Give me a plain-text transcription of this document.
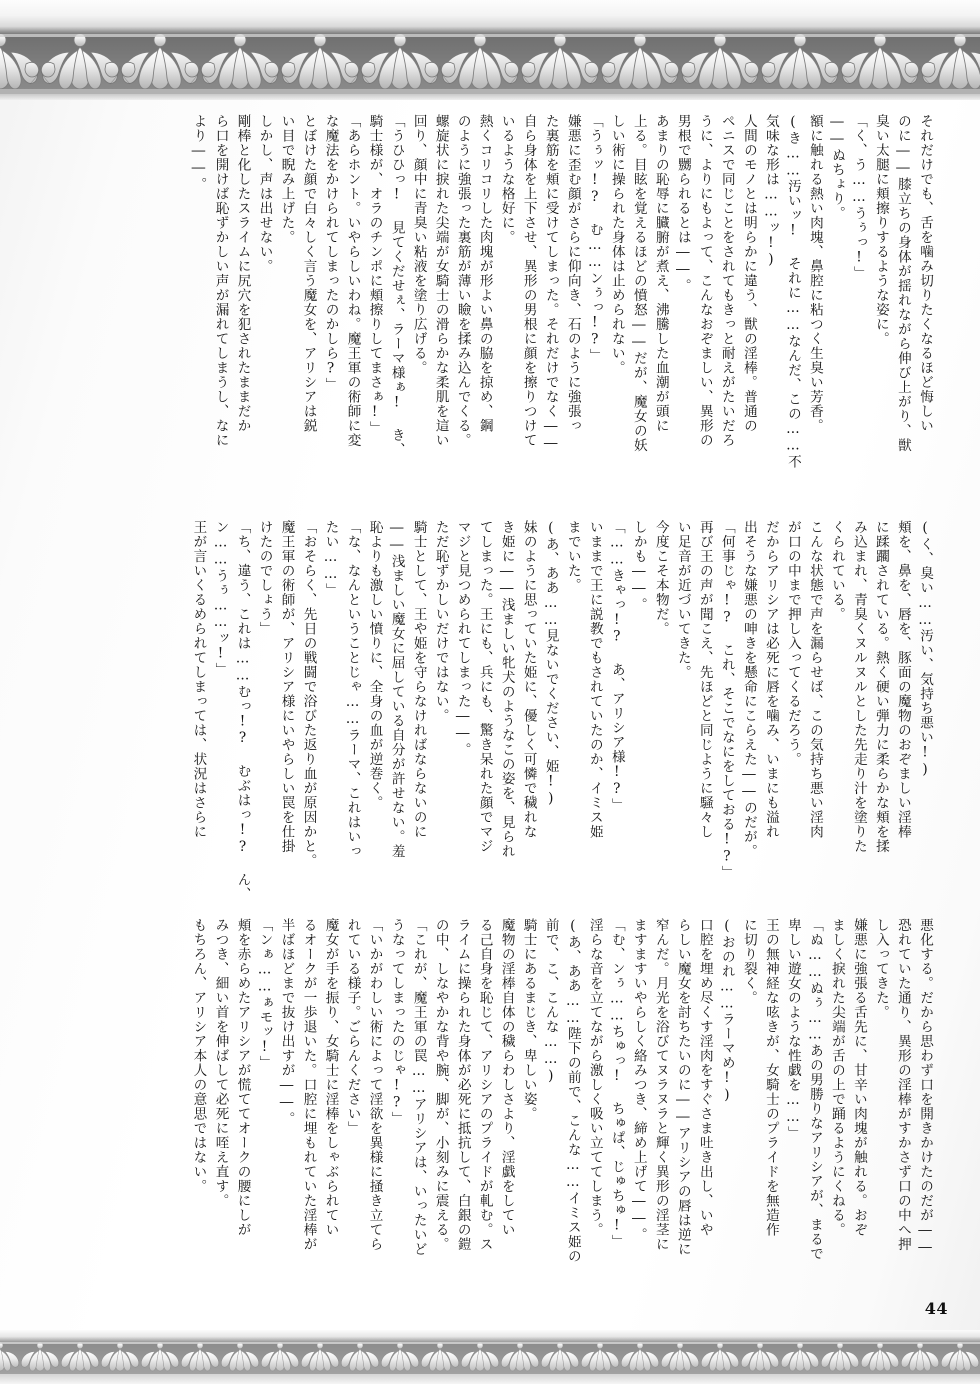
それだけでも、舌を噛み切りたくなるほど悔しい
のに――膝立ちの身体が揺れながら伸び上がり、獣
臭い太腿に頬擦りするような姿に。
「く、う……うぅっ!」
――ぬちょり。
額に触れる熱い肉塊、鼻腔に粘つく生臭い芳香。
(き……汚いッ! それに……なんだ、この……不
気味な形は……ッ!)
人間のモノとは明らかに違う、獣の淫棒。普通の
ペニスで同じことをされてもきっと耐えがたいだろ
うに、よりにもよって、こんなおぞましい、異形の
男根で嬲られるとは――。
あまりの恥辱に臓腑が煮え、沸騰した血潮が頭に
上る。目眩を覚えるほどの憤怒――だが、魔女の妖
しい術に操られた身体は止められない。
「うぅッ!? む……ンぅっ!?」
嫌悪に歪む顔がさらに仰向き、石のように強張っ
た裏筋を頬に受けてしまった。それだけでなく――
自ら身体を上下させ、異形の男根に顔を擦りつけて
いるような格好に。
熱くコリコリした肉塊が形よい鼻の脇を掠め、鋼
のように強張った裏筋が薄い瞼を揉み込んでくる。
螺旋状に捩れた尖端が女騎士の滑らかな柔肌を這い
回り、顔中に青臭い粘液を塗り広げる。
「うひひっ! 見てくだせぇ、ラーマ様ぁ! き、
騎士様が、オラのチンポに頬擦りしてまさぁ!」
「あらホント。いやらしいわね。魔王軍の術師に変
な魔法をかけられてしまったのかしら?」
とぼけた顔で白々しく言う魔女を、アリシアは鋭
い目で睨み上げた。
しかし、声は出せない。
剛棒と化したスライムに尻穴を犯されたままだか
ら口を開けば恥ずかしい声が漏れてしまうし、なに
より――。
(く、臭い……汚い、気持ち悪い!)
頬を、鼻を、唇を、豚面の魔物のおぞましい淫棒
に蹂躙されている。熱く硬い弾力に柔らかな頬を揉
み込まれ、青臭くヌルヌルとした先走り汁を塗りた
くられている。
こんな状態で声を漏らせば、この気持ち悪い淫肉
が口の中まで押し入ってくるだろう。
だからアリシアは必死に唇を噛み、いまにも溢れ
出そうな嫌悪の呻きを懸命にこらえた――のだが。
「何事じゃ!? これ、そこでなにをしておる!?」
再び王の声が聞こえ、先ほどと同じように騒々し
い足音が近づいてきた。
今度こそ本物だ。
しかも――。
「……きゃっ!? あ、アリシア様!?」
いままで王に説教でもされていたのか、イミス姫
までいた。
(あ、ああ……見ないでください、姫!)
妹のように思っていた姫に、優しく可憐で穢れな
き姫に――浅ましい牝犬のようなこの姿を、見られ
てしまった。王にも、兵にも、驚き呆れた顔でマジ
マジと見つめられてしまった――。
ただ恥ずかしいだけではない。
騎士として、王や姫を守らなければならないのに
――浅ましい魔女に屈している自分が許せない。羞
恥よりも激しい憤りに、全身の血が逆巻く。
「な、なんということじゃ……ラーマ、これはいっ
たい……」
「おそらく、先日の戦闘で浴びた返り血が原因かと。
魔王軍の術師が、アリシア様にいやらしい罠を仕掛
けたのでしょう」
「ち、違う、これは……むっ!? むぶはっ!? ん、
ン……うぅ……ッ!」
王が言いくるめられてしまっては、状況はさらに
悪化する。だから思わず口を開きかけたのだが――
恐れていた通り、異形の淫棒がすかさず口の中へ押
し入ってきた。
嫌悪に強張る舌先に、甘辛い肉塊が触れる。おぞ
ましく捩れた尖端が舌の上で踊るようにくねる。
「ぬ……ぬぅ……あの男勝りなアリシアが、まるで
卑しい遊女のような性戯を……」
王の無神経な呟きが、女騎士のプライドを無造作
に切り裂く。
(おのれ……ラーマめ!)
口腔を埋め尽くす淫肉をすぐさま吐き出し、いや
らしい魔女を討ちたいのに――アリシアの唇は逆に
窄んだ。月光を浴びてヌラヌラと輝く異形の淫茎に
ますますいやらしく絡みつき、締め上げて――。
「む、ンぅ……ちゅっ! ちゅぱ、じゅちゅ!」
淫らな音を立てながら激しく吸い立ててしまう。
(あ、ああ……陛下の前で、こんな……イミス姫の
前で、こ、こんな……)
騎士にあるまじき、卑しい姿。
魔物の淫棒自体の穢らわしさより、淫戯をしてい
る己自身を恥じて、アリシアのプライドが軋む。ス
ライムに操られた身体が必死に抵抗して、白銀の鎧
の中、しなやかな背や腕、脚が、小刻みに震える。
「これが、魔王軍の罠……アリシアは、いったいど
うなってしまったのじゃ!?」
「いかがわしい術によって淫欲を異様に掻き立てら
れている様子。ごらんください」
魔女が手を振り、女騎士に淫棒をしゃぶられてい
るオークが一歩退いた。口腔に埋もれていた淫棒が
半ばほどまで抜け出すが――。
「ンぁ……ぁモッ!」
頬を赤らめたアリシアが慌ててオークの腰にしが
みつき、細い首を伸ばして必死に咥え直す。
もちろん、アリシア本人の意思ではない。
44
